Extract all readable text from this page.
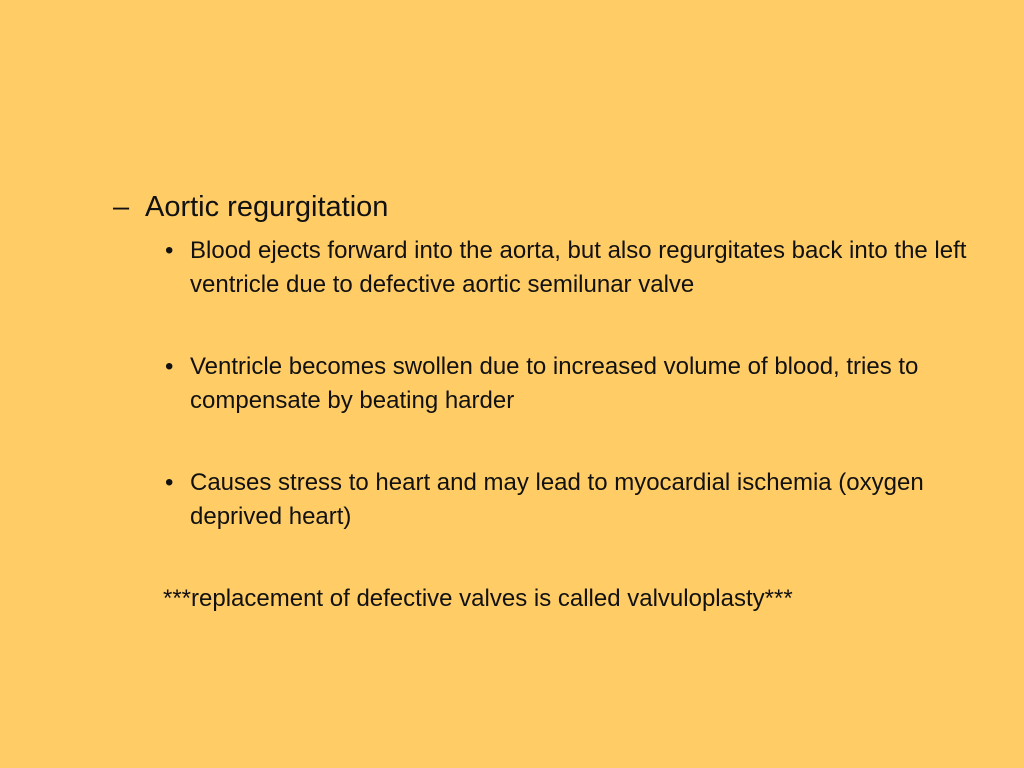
– Aortic regurgitation
• Blood ejects forward into the aorta, but also regurgitates back into the left ventricle due to defective aortic semilunar valve
• Ventricle becomes swollen due to increased volume of blood, tries to compensate by beating harder
• Causes stress to heart and may lead to myocardial ischemia (oxygen deprived heart)
***replacement of defective valves is called valvuloplasty***
